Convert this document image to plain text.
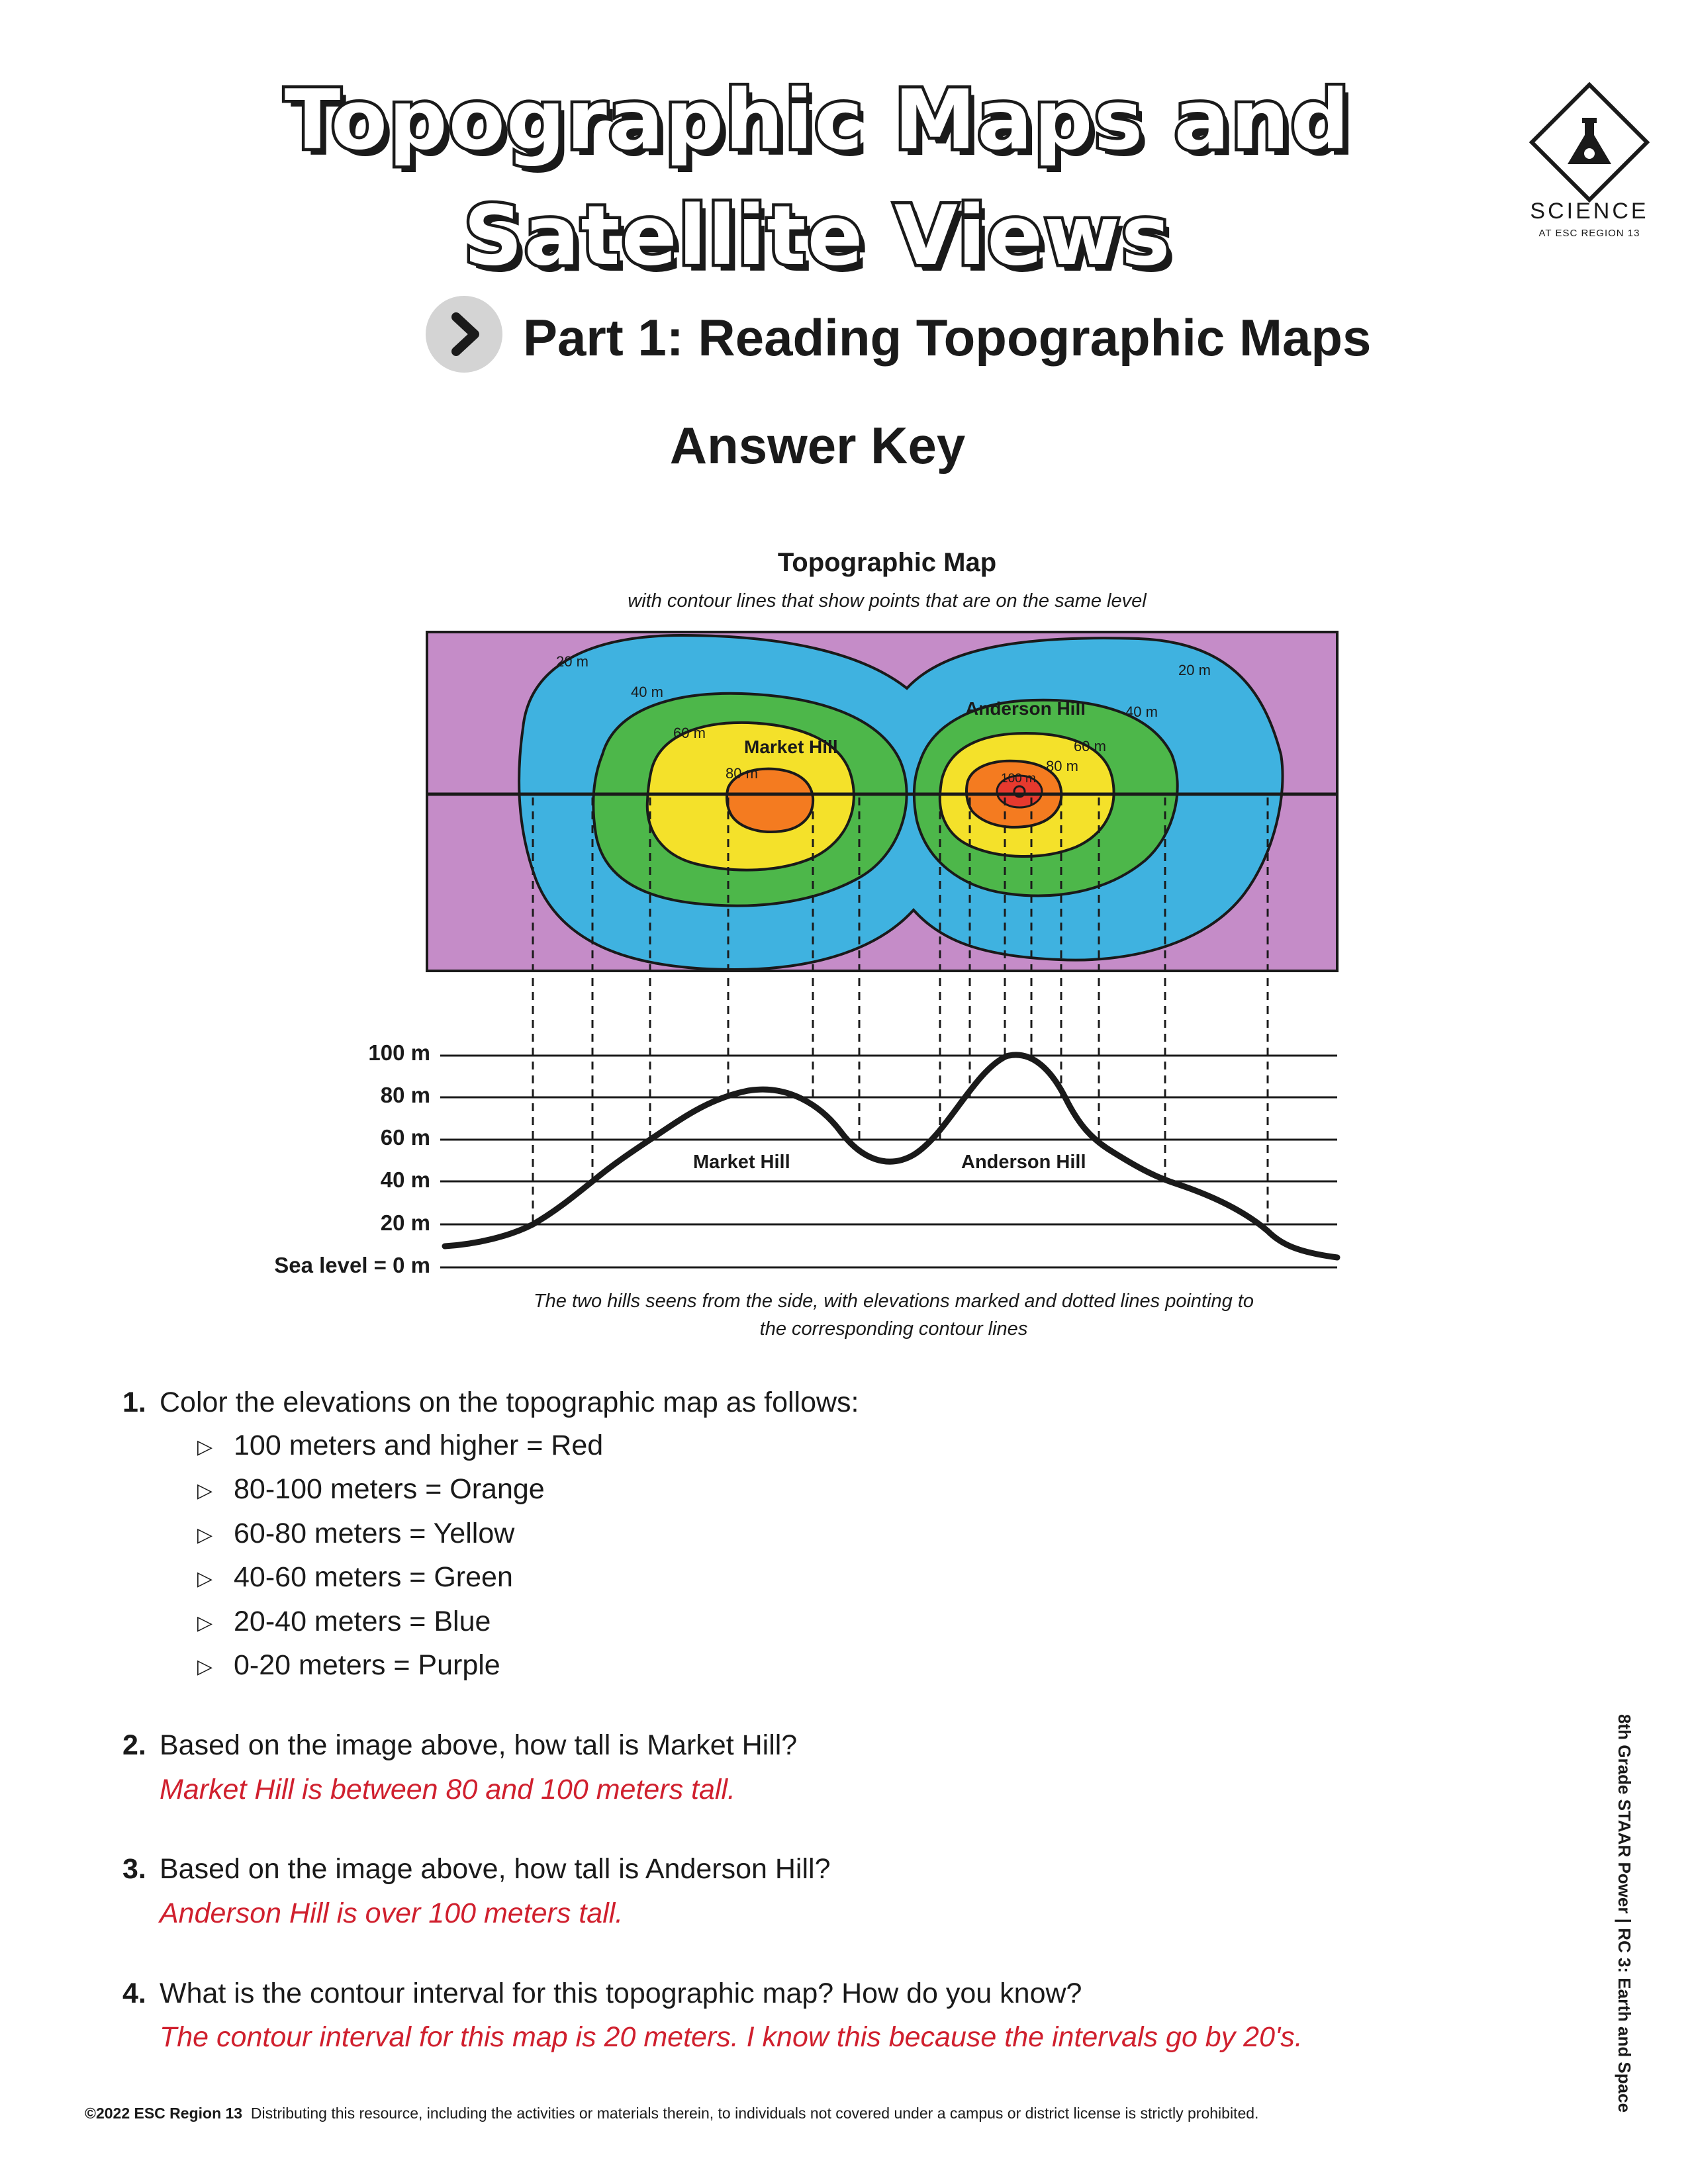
Topographic Maps and
Satellite Views	SCIENCE
AT ESC REGION 13
Part 1: Reading Topographic Maps
Answer Key
Topographic Map
with contour lines that show points that are on the same level
20 m
40 m
60 m
Market Hill
80 m
20 m
Anderson Hill	40 m
60 m
80 m
100 m
100 m
80 m
60 m
40 m
20 m
Sea level = 0 m
Market Hill	Anderson Hill
The two hills seens from the side, with elevations marked and dotted lines pointing to
the corresponding contour lines
1. Color the elevations on the topographic map as follows:
▷ 100 meters and higher = Red
▷ 80-100 meters = Orange
▷ 60-80 meters = Yellow
▷ 40-60 meters = Green
▷ 20-40 meters = Blue
▷ 0-20 meters = Purple
2. Based on the image above, how tall is Market Hill?
Market Hill is between 80 and 100 meters tall.
3. Based on the image above, how tall is Anderson Hill?
Anderson Hill is over 100 meters tall.
4. What is the contour interval for this topographic map? How do you know?
The contour interval for this map is 20 meters. I know this because the intervals go by 20's.	8th Grade STAAR Power | RC 3: Earth and Space
©2022 ESC Region 13 Distributing this resource, including the activities or materials therein, to individuals not covered under a campus or district license is strictly prohibited.
